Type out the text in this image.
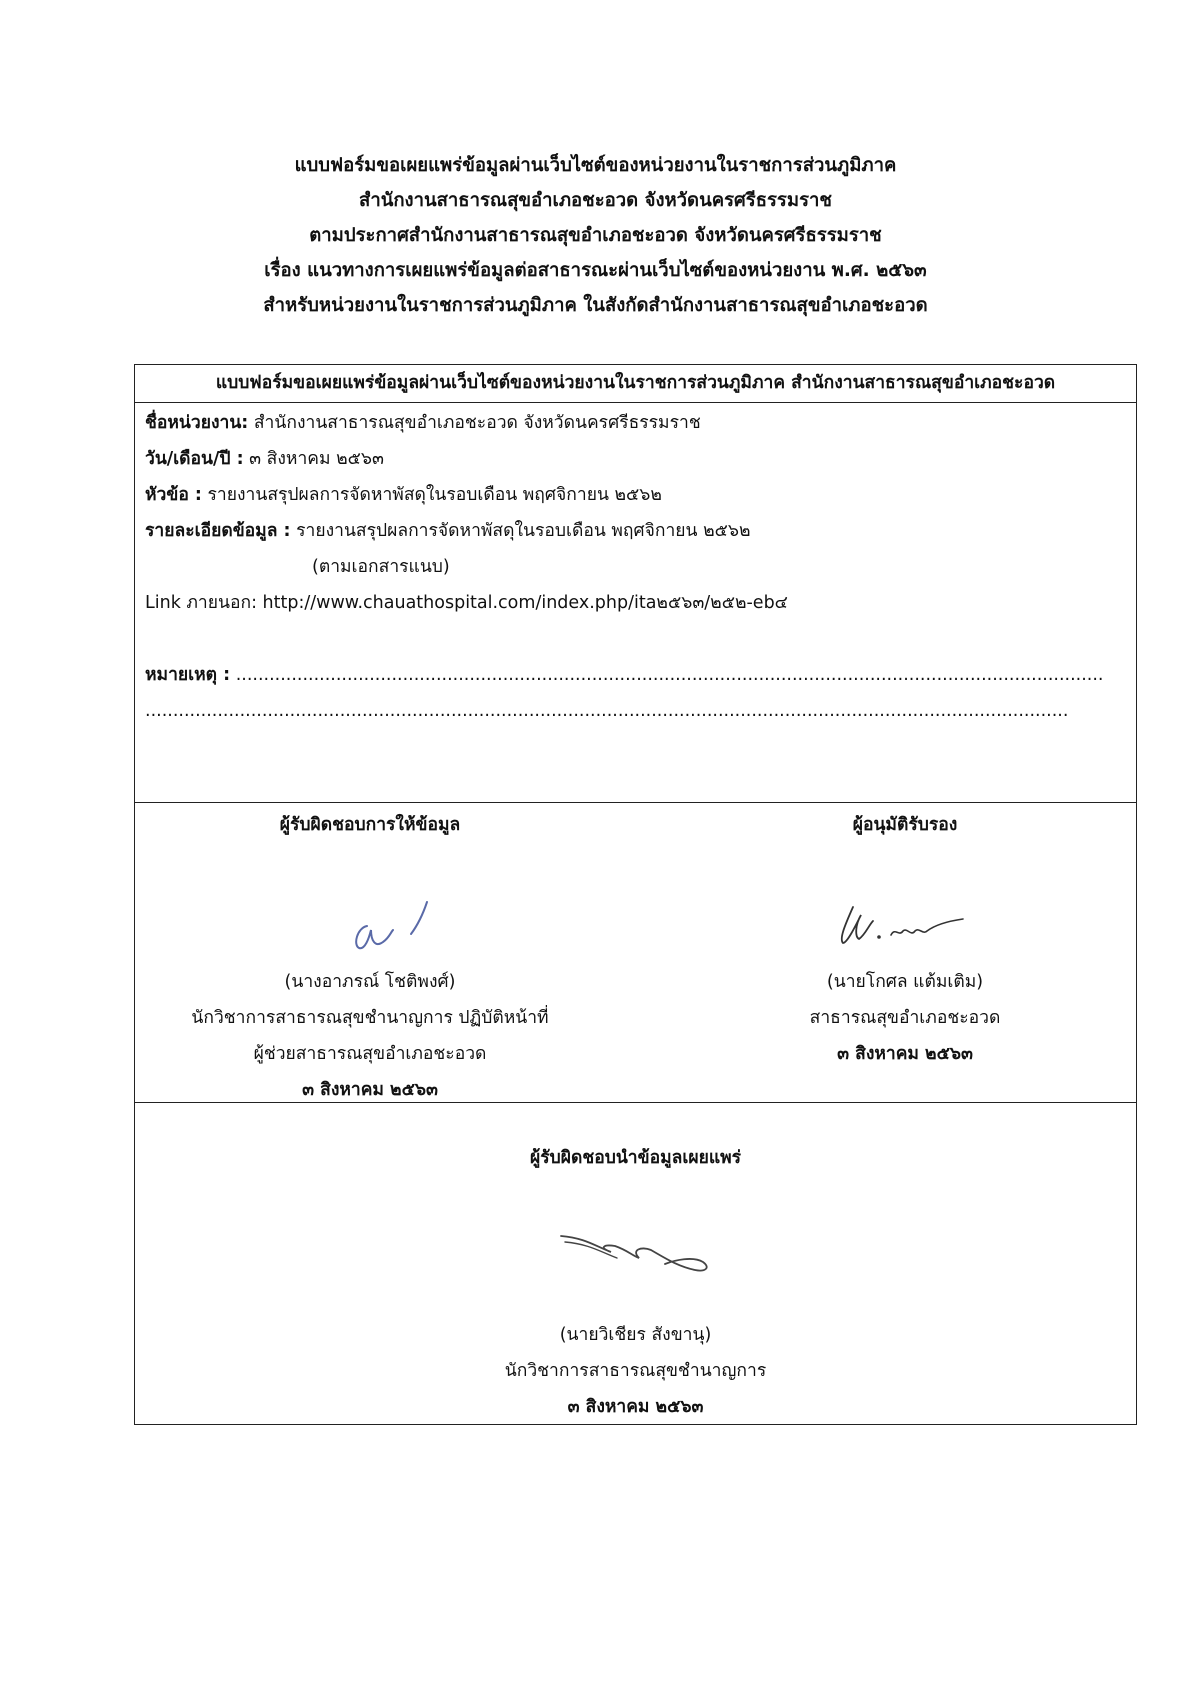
แบบฟอร์มขอเผยแพร่ข้อมูลผ่านเว็บไซต์ของหน่วยงานในราชการส่วนภูมิภาค
สำนักงานสาธารณสุขอำเภอชะอวด จังหวัดนครศรีธรรมราช
ตามประกาศสำนักงานสาธารณสุขอำเภอชะอวด จังหวัดนครศรีธรรมราช
เรื่อง แนวทางการเผยแพร่ข้อมูลต่อสาธารณะผ่านเว็บไซต์ของหน่วยงาน พ.ศ. ๒๕๖๓
สำหรับหน่วยงานในราชการส่วนภูมิภาค ในสังกัดสำนักงานสาธารณสุขอำเภอชะอวด
แบบฟอร์มขอเผยแพร่ข้อมูลผ่านเว็บไซต์ของหน่วยงานในราชการส่วนภูมิภาค สำนักงานสาธารณสุขอำเภอชะอวด
ชื่อหน่วยงาน: สำนักงานสาธารณสุขอำเภอชะอวด จังหวัดนครศรีธรรมราช
วัน/เดือน/ปี : ๓ สิงหาคม ๒๕๖๓
หัวข้อ : รายงานสรุปผลการจัดหาพัสดุในรอบเดือน พฤศจิกายน ๒๕๖๒
รายละเอียดข้อมูล : รายงานสรุปผลการจัดหาพัสดุในรอบเดือน พฤศจิกายน ๒๕๖๒
(ตามเอกสารแนบ)
Link ภายนอก: http://www.chauathospital.com/index.php/ita๒๕๖๓/๒๕๒-eb๔
หมายเหตุ : ............................................................................................................................................................
......................................................................................................................................................................
ผู้รับผิดชอบการให้ข้อมูล
(นางอาภรณ์ โชติพงศ์)
นักวิชาการสาธารณสุขชำนาญการ ปฏิบัติหน้าที่
ผู้ช่วยสาธารณสุขอำเภอชะอวด
๓ สิงหาคม ๒๕๖๓
ผู้อนุมัติรับรอง
(นายโกศล แต้มเติม)
สาธารณสุขอำเภอชะอวด
๓ สิงหาคม ๒๕๖๓
ผู้รับผิดชอบนำข้อมูลเผยแพร่
(นายวิเชียร สังขานุ)
นักวิชาการสาธารณสุขชำนาญการ
๓ สิงหาคม ๒๕๖๓
